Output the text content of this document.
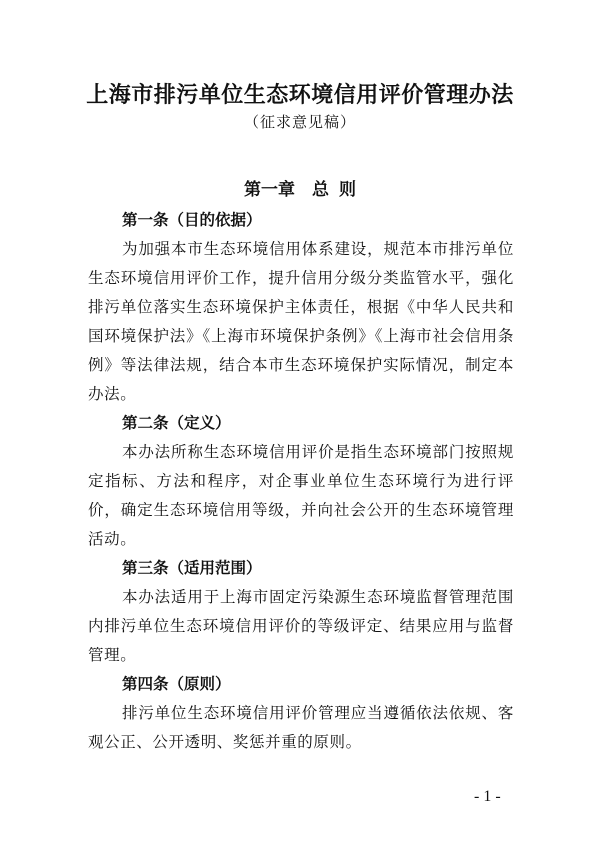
上海市排污单位生态环境信用评价管理办法
（征求意见稿）
第一章　总 则
第一条（目的依据）

为加强本市生态环境信用体系建设，规范本市排污单位生态环境信用评价工作，提升信用分级分类监管水平，强化排污单位落实生态环境保护主体责任，根据《中华人民共和国环境保护法》《上海市环境保护条例》《上海市社会信用条例》等法律法规，结合本市生态环境保护实际情况，制定本办法。

第二条（定义）

本办法所称生态环境信用评价是指生态环境部门按照规定指标、方法和程序，对企事业单位生态环境行为进行评价，确定生态环境信用等级，并向社会公开的生态环境管理活动。

第三条（适用范围）

本办法适用于上海市固定污染源生态环境监督管理范围内排污单位生态环境信用评价的等级评定、结果应用与监督管理。

第四条（原则）

排污单位生态环境信用评价管理应当遵循依法依规、客观公正、公开透明、奖惩并重的原则。

- 1 -
